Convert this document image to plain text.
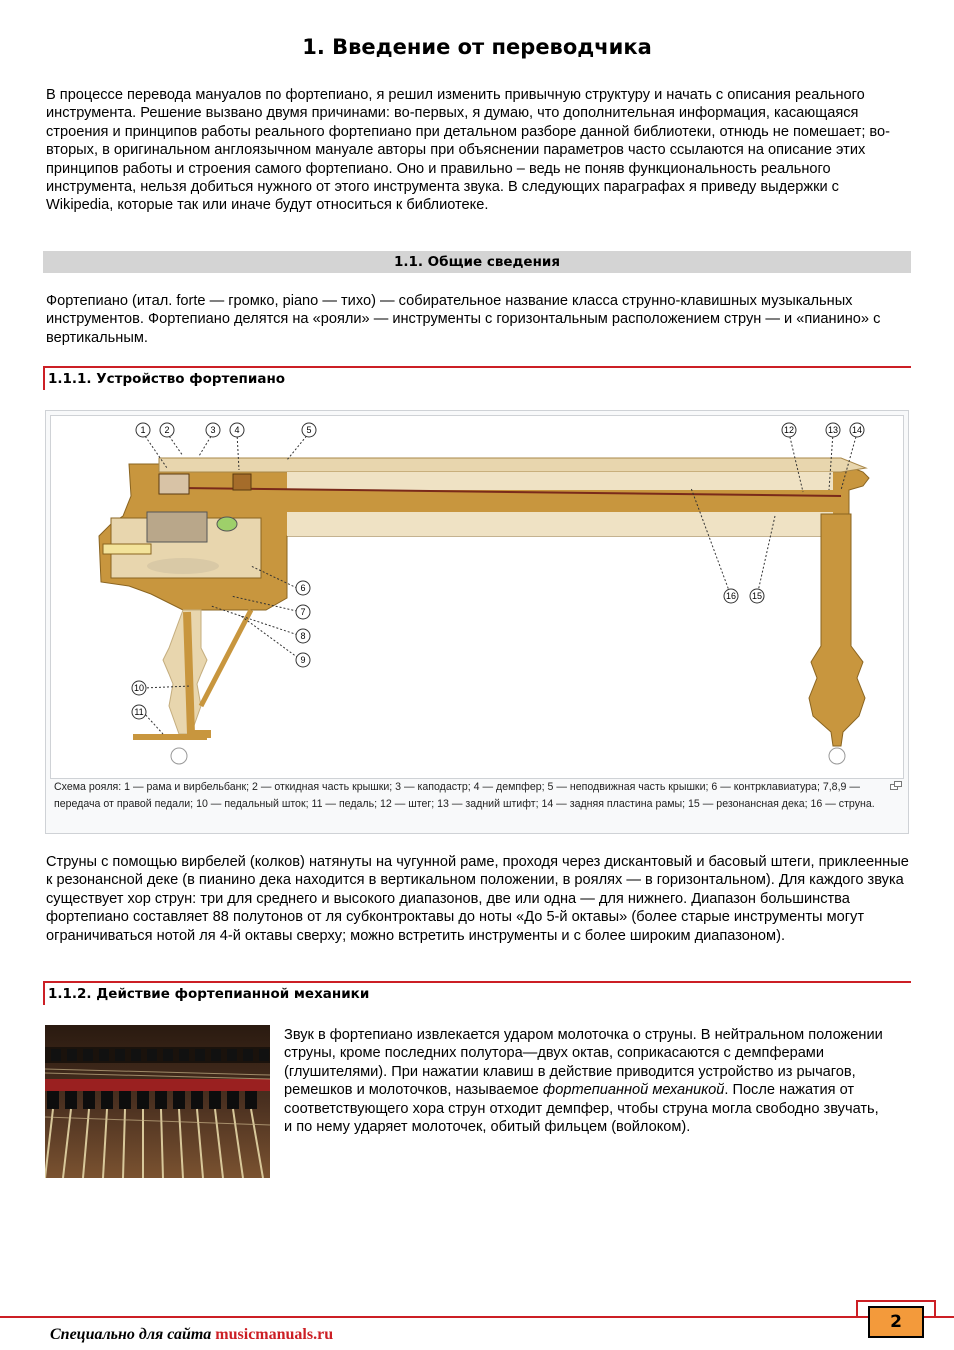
1. Введение от переводчика
В процессе перевода мануалов по фортепиано, я решил изменить привычную структуру и начать с описания реального инструмента. Решение вызвано двумя причинами: во-первых, я думаю, что дополнительная информация, касающаяся строения и принципов работы реального фортепиано при детальном разборе данной библиотеки, отнюдь не помешает; во-вторых, в оригинальном англоязычном мануале авторы при объяснении параметров часто ссылаются на описание этих принципов работы и строения самого фортепиано. Оно и правильно – ведь не поняв функциональность реального инструмента, нельзя добиться нужного от этого инструмента звука. В следующих параграфах я приведу выдержки с Wikipedia, которые так или иначе будут относиться к библиотеке.
1.1. Общие сведения
Фортепиано (итал. forte — громко, piano — тихо) — собирательное название класса струнно-клавишных музыкальных инструментов. Фортепиано делятся на «рояли» — инструменты с горизонтальным расположением струн — и «пианино» с вертикальным.
1.1.1. Устройство фортепиано
1 2	3 4	5
6
7
8
9
10
11
12	13 14
15
16
Схема рояля: 1 — рама и вирбельбанк; 2 — откидная часть крышки; 3 — каподастр; 4 — демпфер; 5 — неподвижная часть крышки; 6 — контрклавиатура; 7,8,9 — передача от правой педали; 10 — педальный шток; 11 — педаль; 12 — штег; 13 — задний штифт; 14 — задняя пластина рамы; 15 — резонансная дека; 16 — струна.
Струны с помощью вирбелей (колков) натянуты на чугунной раме, проходя через дискантовый и басовый штеги, приклеенные к резонансной деке (в пианино дека находится в вертикальном положении, в роялях — в горизонтальном). Для каждого звука существует хор струн: три для среднего и высокого диапазонов, две или одна — для нижнего. Диапазон большинства фортепиано составляет 88 полутонов от ля субконтроктавы до ноты «До 5-й октавы» (более старые инструменты могут ограничиваться нотой ля 4-й октавы сверху; можно встретить инструменты и с более широким диапазоном).
1.1.2. Действие фортепианной механики
Звук в фортепиано извлекается ударом молоточка о струны. В нейтральном положении струны, кроме последних полутора—двух октав, соприкасаются с демпферами (глушителями). При нажатии клавиш в действие приводится устройство из рычагов, ремешков и молоточков, называемое фортепианной механикой. После нажатия от соответствующего хора струн отходит демпфер, чтобы струна могла свободно звучать, и по нему ударяет молоточек, обитый фильцем (войлоком).
Специально для сайта musicmanuals.ru
2
